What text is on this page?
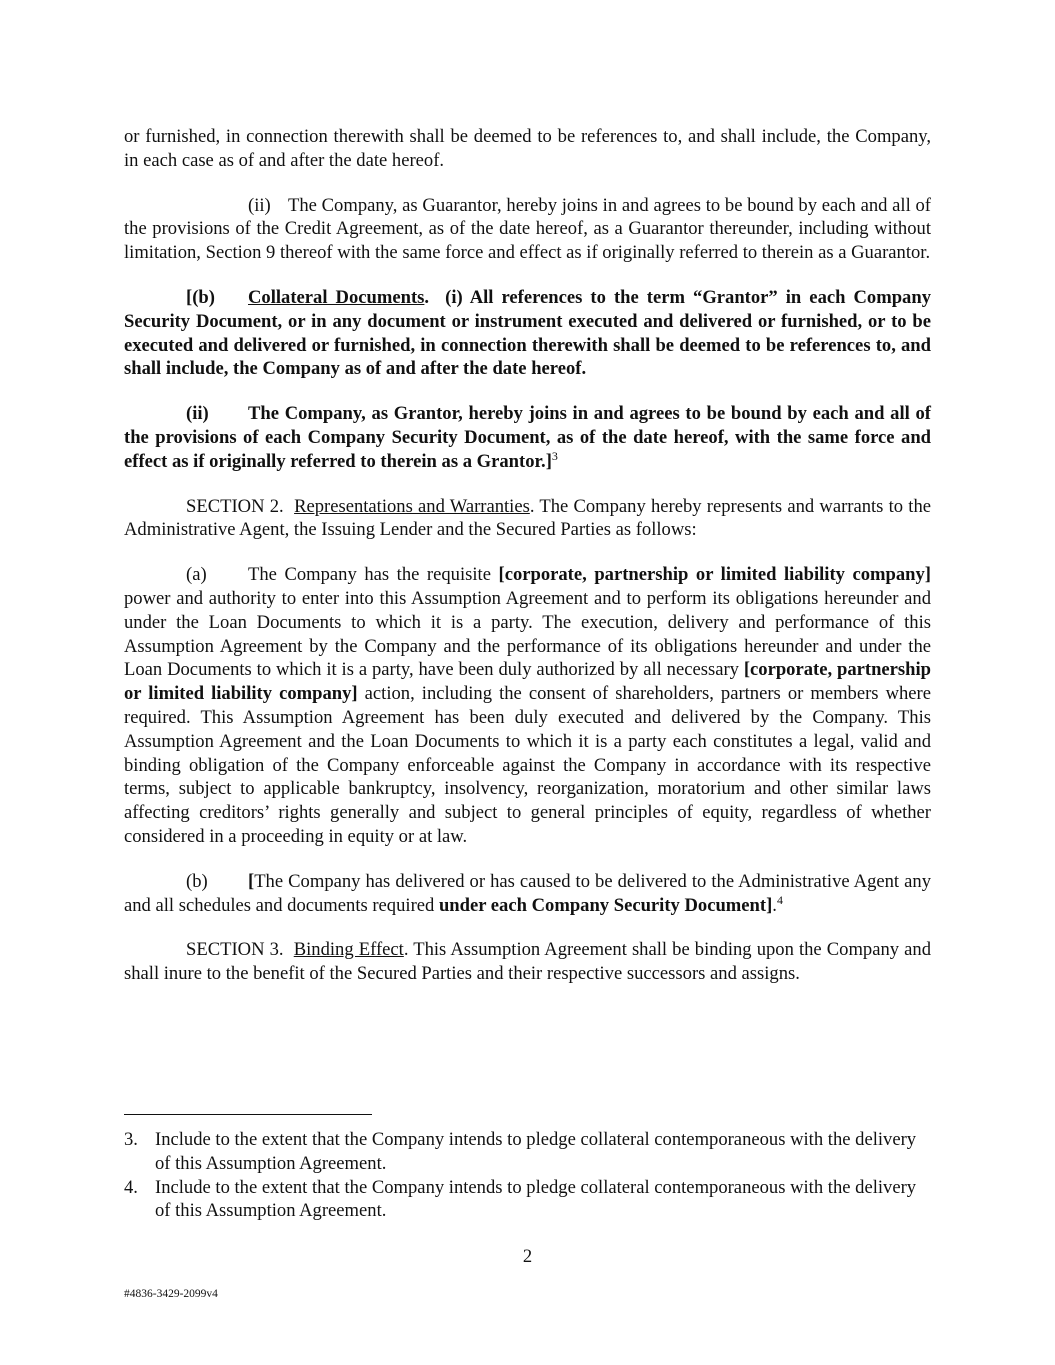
or furnished, in connection therewith shall be deemed to be references to, and shall include, the Company, in each case as of and after the date hereof.

(ii) The Company, as Guarantor, hereby joins in and agrees to be bound by each and all of the provisions of the Credit Agreement, as of the date hereof, as a Guarantor thereunder, including without limitation, Section 9 thereof with the same force and effect as if originally referred to therein as a Guarantor.

[(b) Collateral Documents. (i) All references to the term “Grantor” in each Company Security Document, or in any document or instrument executed and delivered or furnished, or to be executed and delivered or furnished, in connection therewith shall be deemed to be references to, and shall include, the Company as of and after the date hereof.

(ii) The Company, as Grantor, hereby joins in and agrees to be bound by each and all of the provisions of each Company Security Document, as of the date hereof, with the same force and effect as if originally referred to therein as a Grantor.]$^3$

SECTION 2. Representations and Warranties. The Company hereby represents and warrants to the Administrative Agent, the Issuing Lender and the Secured Parties as follows:

(a) The Company has the requisite [corporate, partnership or limited liability company] power and authority to enter into this Assumption Agreement and to perform its obligations hereunder and under the Loan Documents to which it is a party. The execution, delivery and performance of this Assumption Agreement by the Company and the performance of its obligations hereunder and under the Loan Documents to which it is a party, have been duly authorized by all necessary [corporate, partnership or limited liability company] action, including the consent of shareholders, partners or members where required. This Assumption Agreement has been duly executed and delivered by the Company. This Assumption Agreement and the Loan Documents to which it is a party each constitutes a legal, valid and binding obligation of the Company enforceable against the Company in accordance with its respective terms, subject to applicable bankruptcy, insolvency, reorganization, moratorium and other similar laws affecting creditors’ rights generally and subject to general principles of equity, regardless of whether considered in a proceeding in equity or at law.

(b) [The Company has delivered or has caused to be delivered to the Administrative Agent any and all schedules and documents required under each Company Security Document].$^4$

SECTION 3. Binding Effect. This Assumption Agreement shall be binding upon the Company and shall inure to the benefit of the Secured Parties and their respective successors and assigns.

3. Include to the extent that the Company intends to pledge collateral contemporaneous with the delivery of this Assumption Agreement.
4. Include to the extent that the Company intends to pledge collateral contemporaneous with the delivery of this Assumption Agreement.
2
#4836-3429-2099v4
